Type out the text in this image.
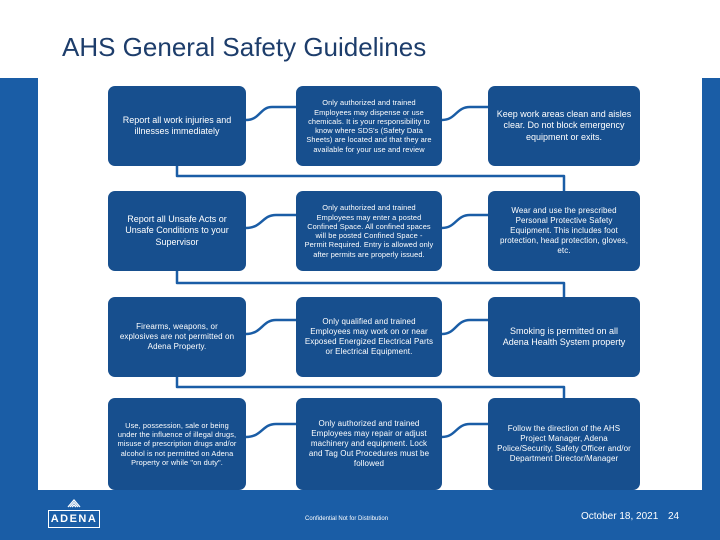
AHS General Safety Guidelines
Report all work injuries and illnesses immediately
Only authorized and trained Employees may dispense or use chemicals. It is your responsibility to know where SDS's (Safety Data Sheets) are located and that they are available for your use and review
Keep work areas clean and aisles clear. Do not block emergency equipment or exits.
Report all Unsafe Acts or Unsafe Conditions to your Supervisor
Only authorized and trained Employees may enter a posted Confined Space. All confined spaces will be posted Confined Space - Permit Required. Entry is allowed only after permits are properly issued.
Wear and use the prescribed Personal Protective Safety Equipment. This includes foot protection, head protection, gloves, etc.
Firearms, weapons, or explosives are not permitted on Adena Property.
Only qualified and trained Employees may work on or near Exposed Energized Electrical Parts or Electrical Equipment.
Smoking is permitted on all Adena Health System property
Use, possession, sale or being under the influence of illegal drugs, misuse of prescription drugs and/or alcohol is not permitted on Adena Property or while "on duty".
Only authorized and trained Employees may repair or adjust machinery and equipment. Lock and Tag Out Procedures must be followed
Follow the direction of the AHS Project Manager, Adena Police/Security, Safety Officer and/or Department Director/Manager
ADENA	Confidential Not for Distribution	October 18, 2021 24
